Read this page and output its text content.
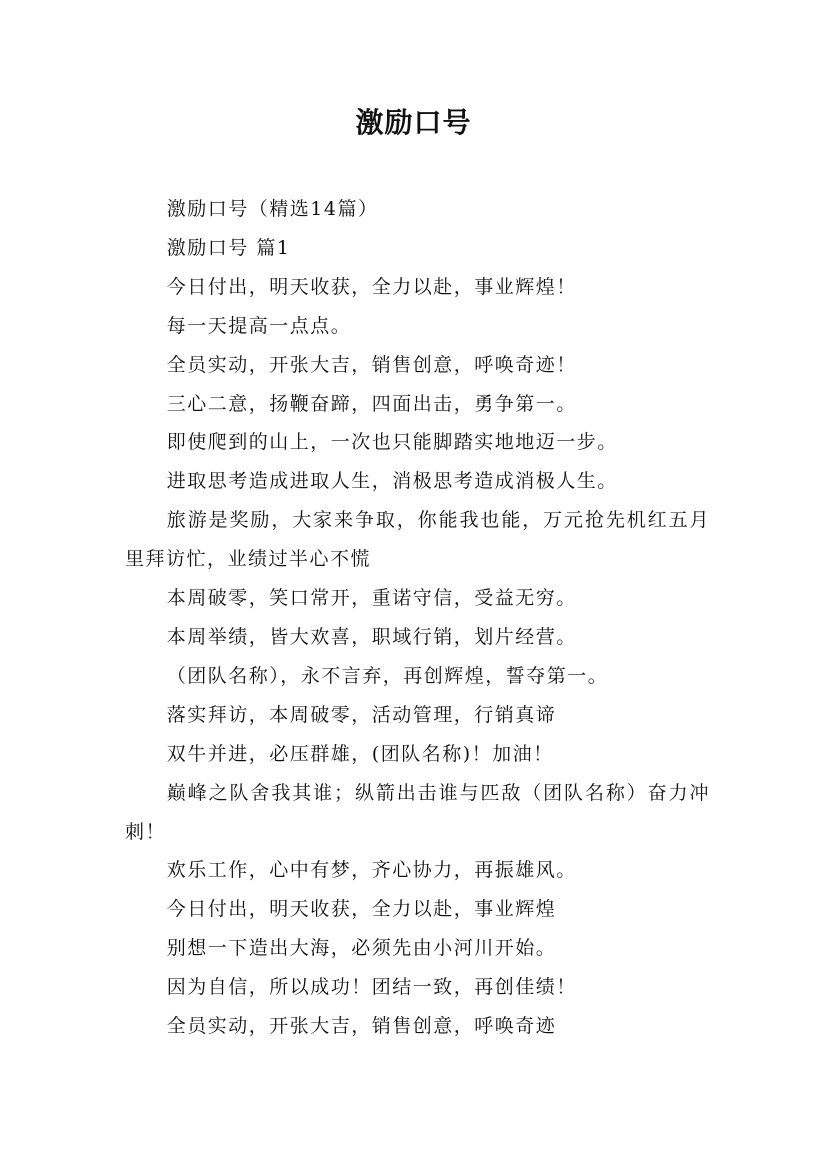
激励口号

激励口号（精选14篇）

激励口号 篇1

今日付出，明天收获，全力以赴，事业辉煌！

每一天提高一点点。

全员实动，开张大吉，销售创意，呼唤奇迹！

三心二意，扬鞭奋蹄，四面出击，勇争第一。

即使爬到的山上，一次也只能脚踏实地地迈一步。

进取思考造成进取人生，消极思考造成消极人生。

旅游是奖励，大家来争取，你能我也能，万元抢先机红五月里拜访忙，业绩过半心不慌

本周破零，笑口常开，重诺守信，受益无穷。

本周举绩，皆大欢喜，职域行销，划片经营。

（团队名称），永不言弃，再创辉煌，誓夺第一。

落实拜访，本周破零，活动管理，行销真谛

双牛并进，必压群雄，(团队名称)！加油！

巅峰之队舍我其谁；纵箭出击谁与匹敌（团队名称）奋力冲刺！

欢乐工作，心中有梦，齐心协力，再振雄风。

今日付出，明天收获，全力以赴，事业辉煌

别想一下造出大海，必须先由小河川开始。

因为自信，所以成功！团结一致，再创佳绩！

全员实动，开张大吉，销售创意，呼唤奇迹
